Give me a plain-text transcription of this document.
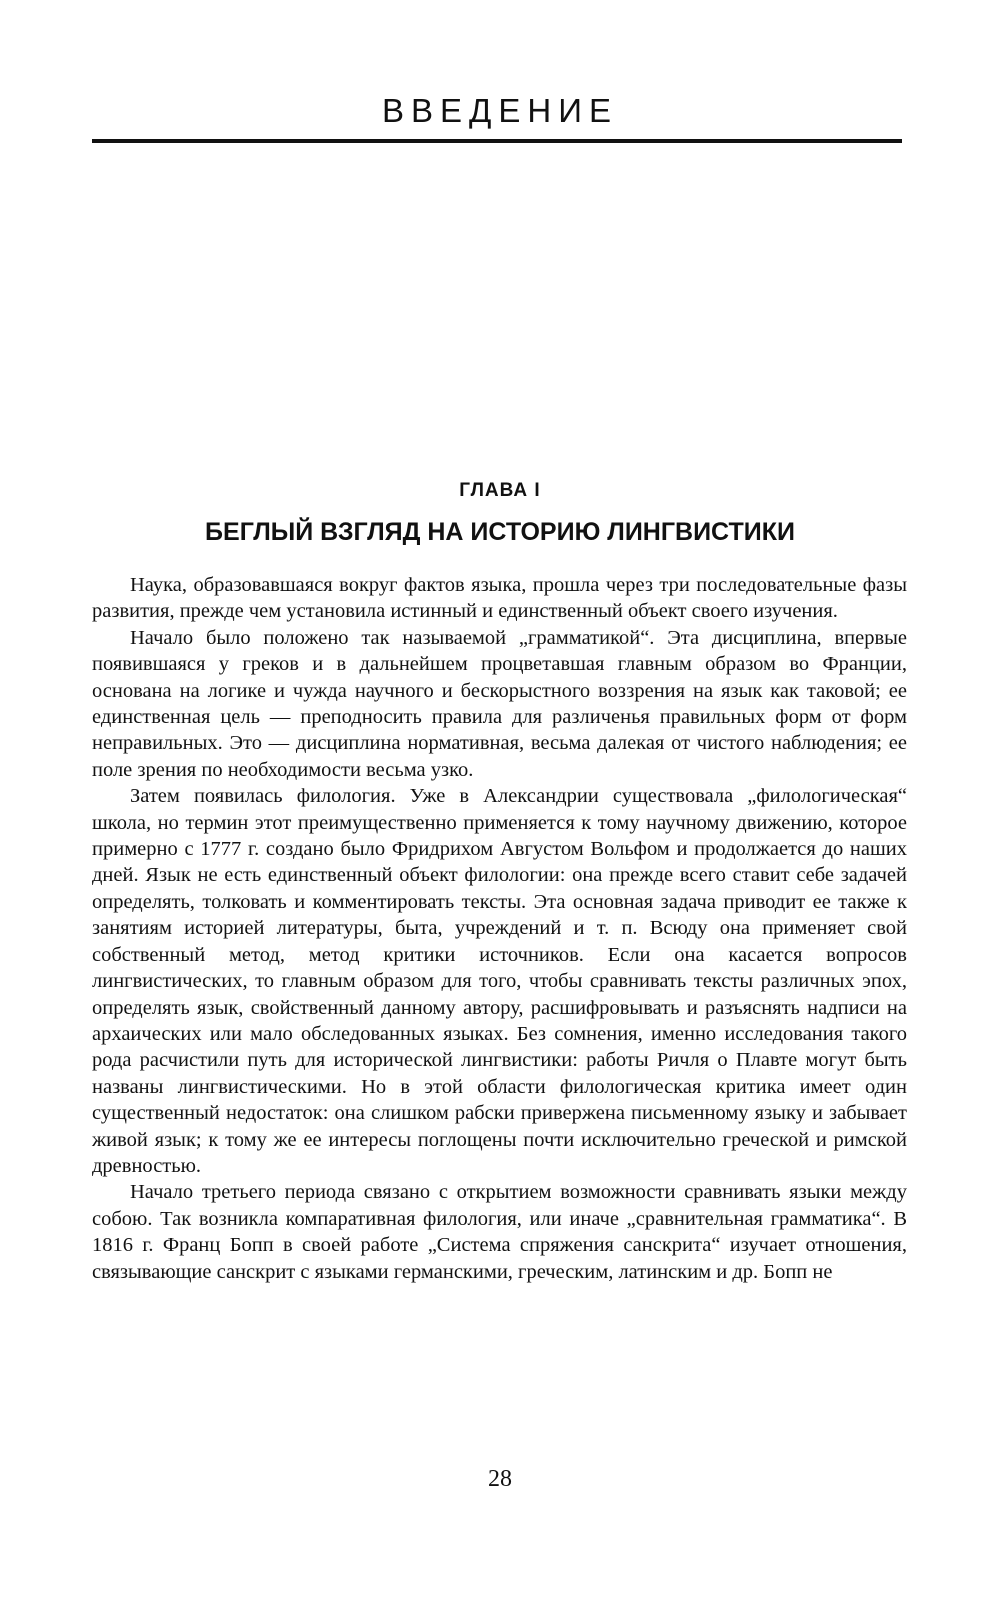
ВВЕДЕНИЕ
ГЛАВА I
БЕГЛЫЙ ВЗГЛЯД НА ИСТОРИЮ ЛИНГВИСТИКИ

Наука, образовавшаяся вокруг фактов языка, прошла через три последовательные фазы развития, прежде чем установила истинный и единственный объект своего изучения.

Начало было положено так называемой „грамматикой“. Эта дисциплина, впервые появившаяся у греков и в дальнейшем процветавшая главным образом во Франции, основана на логике и чужда научного и бескорыстного воззрения на язык как таковой; ее единственная цель — преподносить правила для различенья правильных форм от форм неправильных. Это — дисциплина нормативная, весьма далекая от чистого наблюдения; ее поле зрения по необходимости весьма узко.

Затем появилась филология. Уже в Александрии существовала „филологическая“ школа, но термин этот преимущественно применяется к тому научному движению, которое примерно с 1777 г. создано было Фридрихом Августом Вольфом и продолжается до наших дней. Язык не есть единственный объект филологии: она прежде всего ставит себе задачей определять, толковать и комментировать тексты. Эта основная задача приводит ее также к занятиям историей литературы, быта, учреждений и т. п. Всюду она применяет свой собственный метод, метод критики источников. Если она касается вопросов лингвистических, то главным образом для того, чтобы сравнивать тексты различных эпох, определять язык, свойственный данному автору, расшифровывать и разъяснять надписи на архаических или мало обследованных языках. Без сомнения, именно исследования такого рода расчистили путь для исторической лингвистики: работы Ричля о Плавте могут быть названы лингвистическими. Но в этой области филологическая критика имеет один существенный недостаток: она слишком рабски привержена письменному языку и забывает живой язык; к тому же ее интересы поглощены почти исключительно греческой и римской древностью.

Начало третьего периода связано с открытием возможности сравнивать языки между собою. Так возникла компаративная филология, или иначе „сравнительная грамматика“. В 1816 г. Франц Бопп в своей работе „Система спряжения санскрита“ изучает отношения, связывающие санскрит с языками германскими, греческим, латинским и др. Бопп не

28
